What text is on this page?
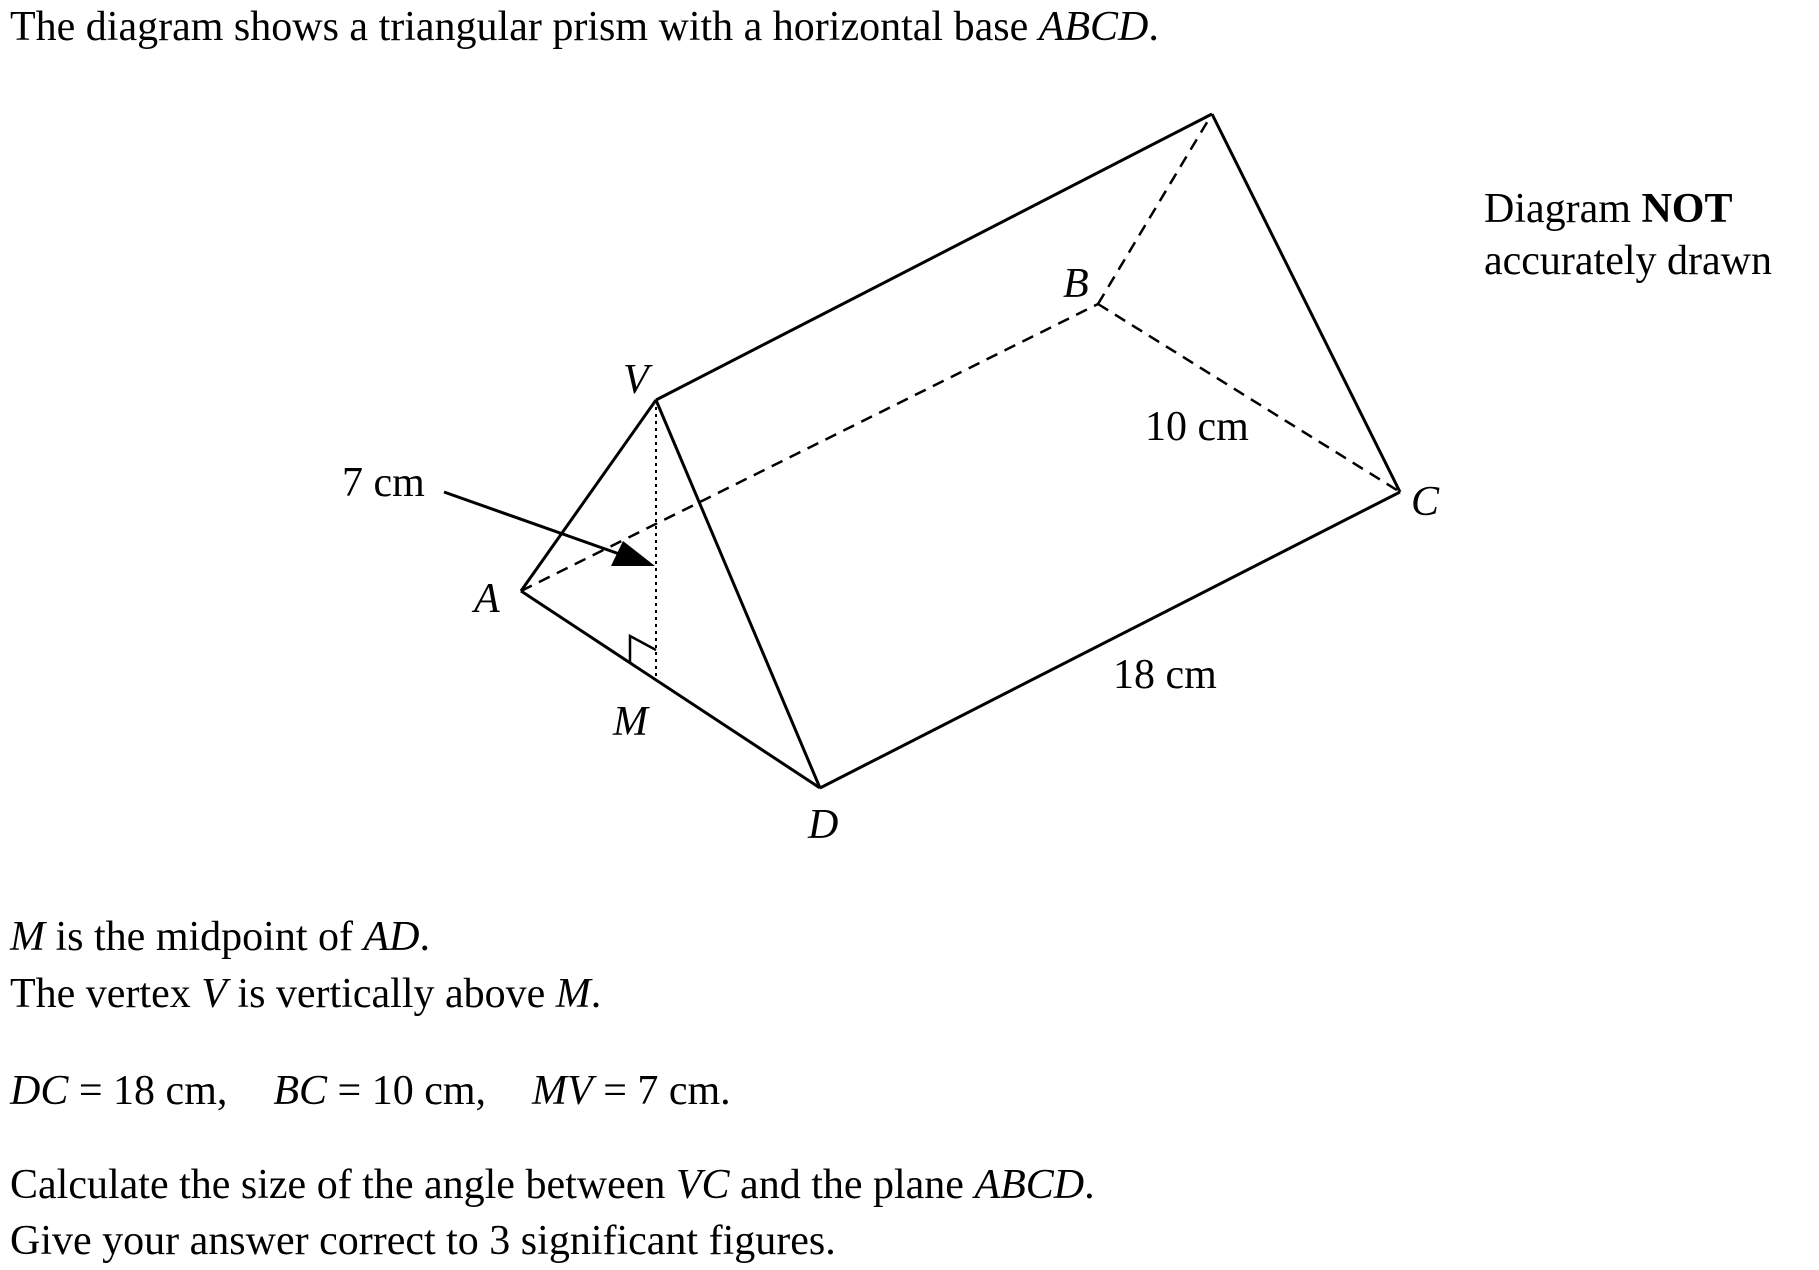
The diagram shows a triangular prism with a horizontal base ABCD.
V
A
M
D
B
C
7 cm
10 cm
18 cm
Diagram NOT
accurately drawn
M is the midpoint of AD.
The vertex V is vertically above M.
DC = 18 cm, BC = 10 cm, MV = 7 cm.
Calculate the size of the angle between VC and the plane ABCD.
Give your answer correct to 3 significant figures.
